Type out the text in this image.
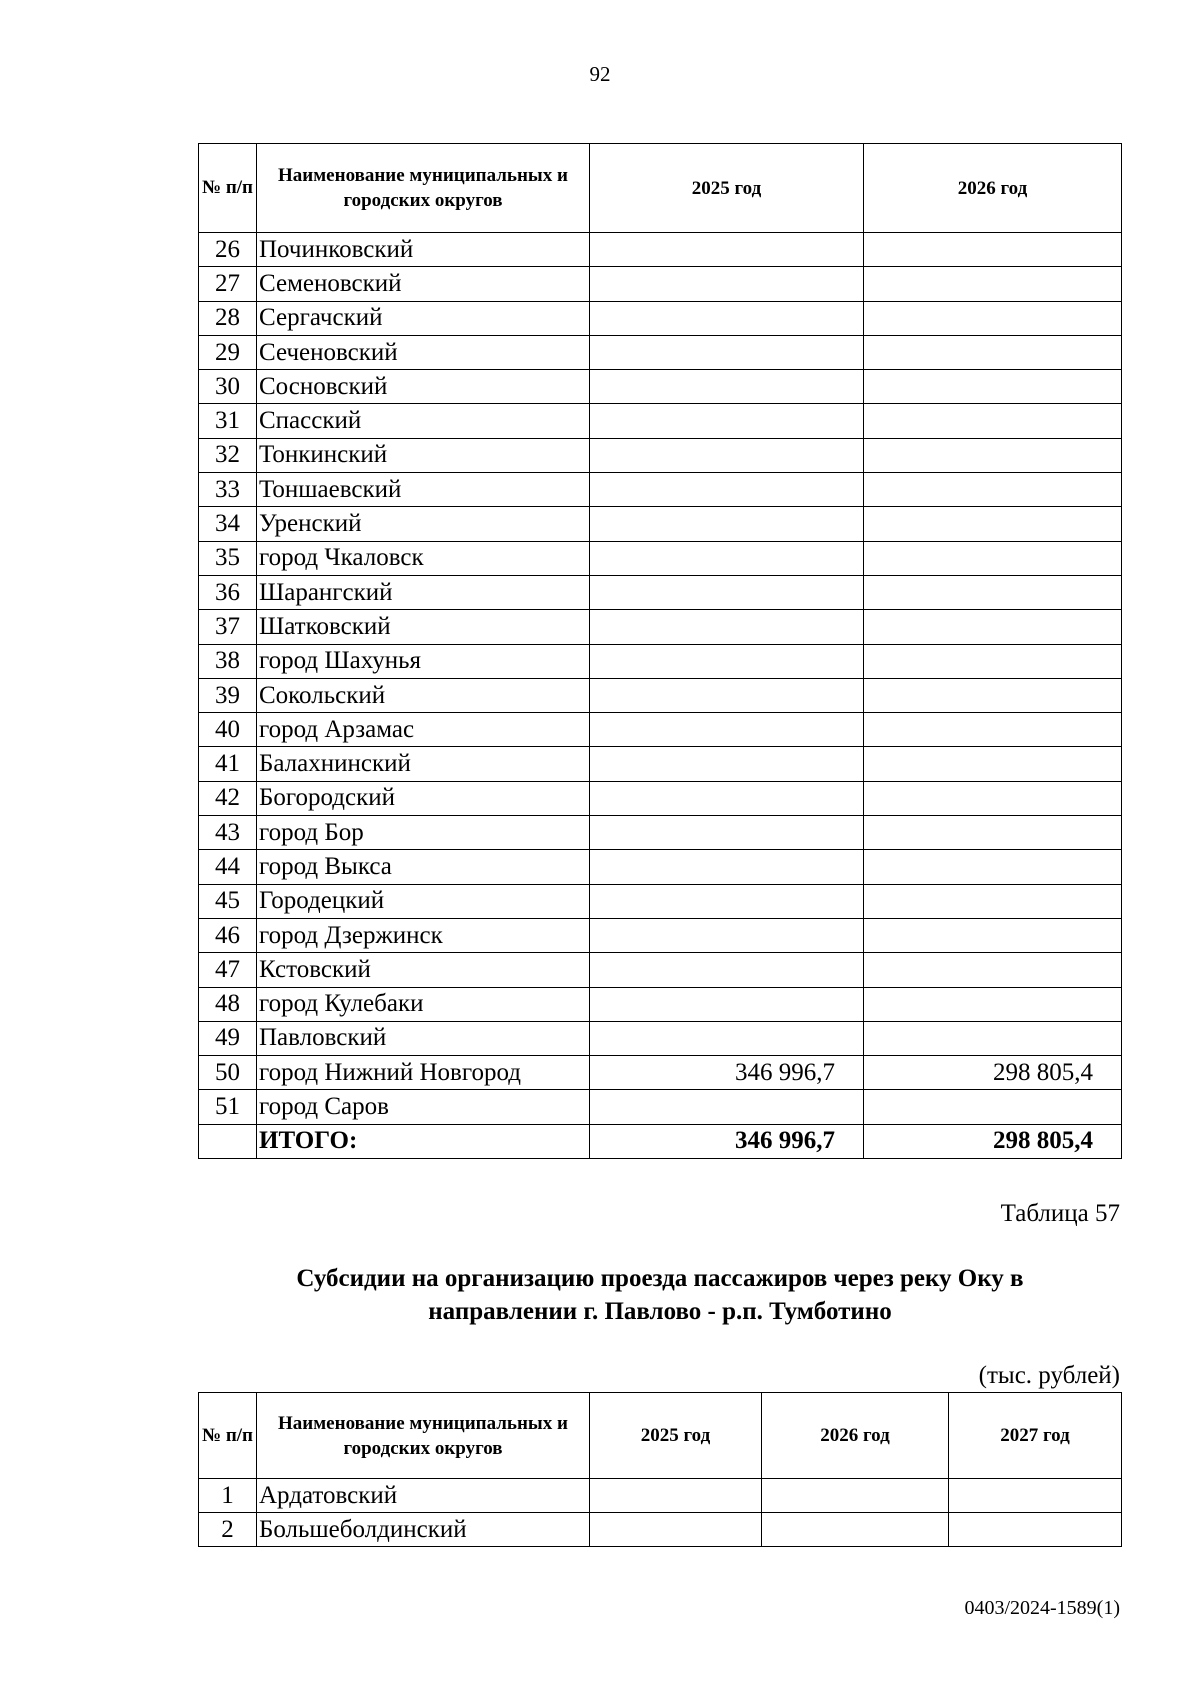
92
№ п/п	Наименование муниципальных и городских округов	2025 год	2026 год
26	Починковский		
27	Семеновский		
28	Сергачский		
29	Сеченовский		
30	Сосновский		
31	Спасский		
32	Тонкинский		
33	Тоншаевский		
34	Уренский		
35	город Чкаловск		
36	Шарангский		
37	Шатковский		
38	город Шахунья		
39	Сокольский		
40	город Арзамас		
41	Балахнинский		
42	Богородский		
43	город Бор		
44	город Выкса		
45	Городецкий		
46	город Дзержинск		
47	Кстовский		
48	город Кулебаки		
49	Павловский		
50	город Нижний Новгород	346 996,7	298 805,4
51	город Саров		
	ИТОГО:	346 996,7	298 805,4
Таблица 57
Субсидии на организацию проезда пассажиров через реку Оку в
направлении г. Павлово - р.п. Тумботино
(тыс. рублей)
№ п/п	Наименование муниципальных и городских округов	2025 год	2026 год	2027 год
1	Ардатовский			
2	Большеболдинский			
0403/2024-1589(1)
